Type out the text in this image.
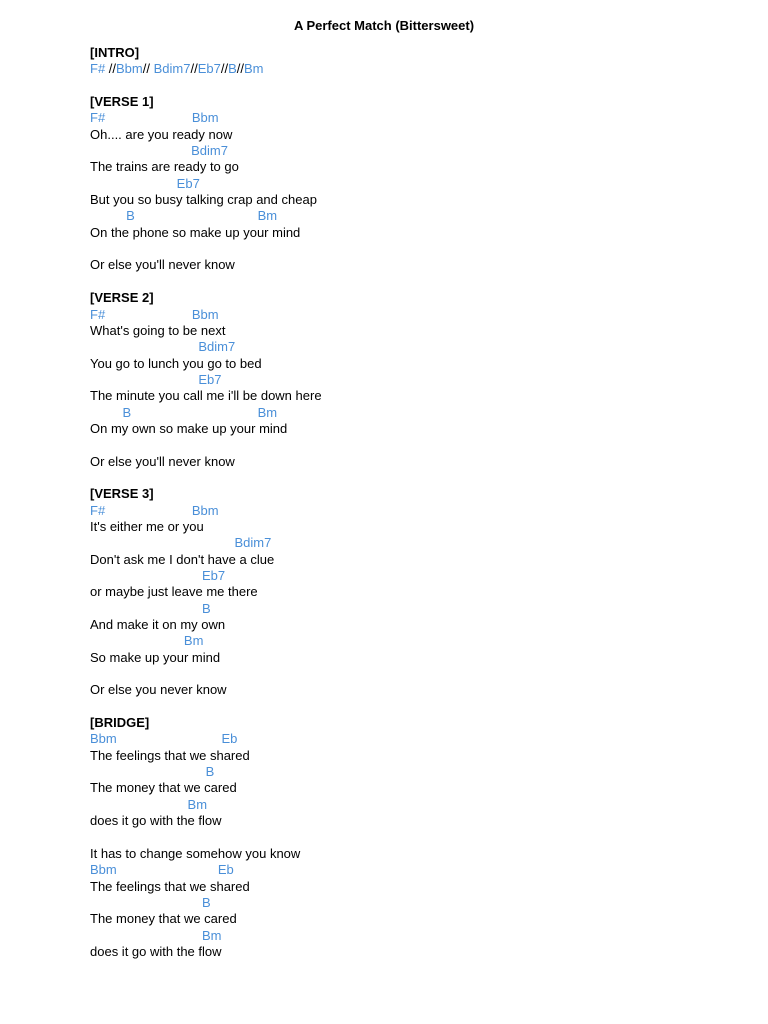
A Perfect Match (Bittersweet)
[INTRO]
F# //Bbm// Bdim7//Eb7//B//Bm
[VERSE 1]
F#                        Bbm
Oh.... are you ready now
Bdim7
The trains are ready to go
Eb7
But you so busy talking crap and cheap
B                                  Bm
On the phone so make up your mind
Or else you'll never know
[VERSE 2]
F#                        Bbm
What's going to be next
Bdim7
You go to lunch you go to bed
Eb7
The minute you call me i'll be down here
B                                   Bm
On my own so make up your mind
Or else you'll never know
[VERSE 3]
F#                        Bbm
It's either me or you
Bdim7
Don't ask me I don't have a clue
Eb7
or maybe just leave me there
B
And make it on my own
Bm
So make up your mind
Or else you never know
[BRIDGE]
Bbm                             Eb
The feelings that we shared
B
The money that we cared
Bm
does it go with the flow
It has to change somehow you know
Bbm                            Eb
The feelings that we shared
B
The money that we cared
Bm
does it go with the flow
